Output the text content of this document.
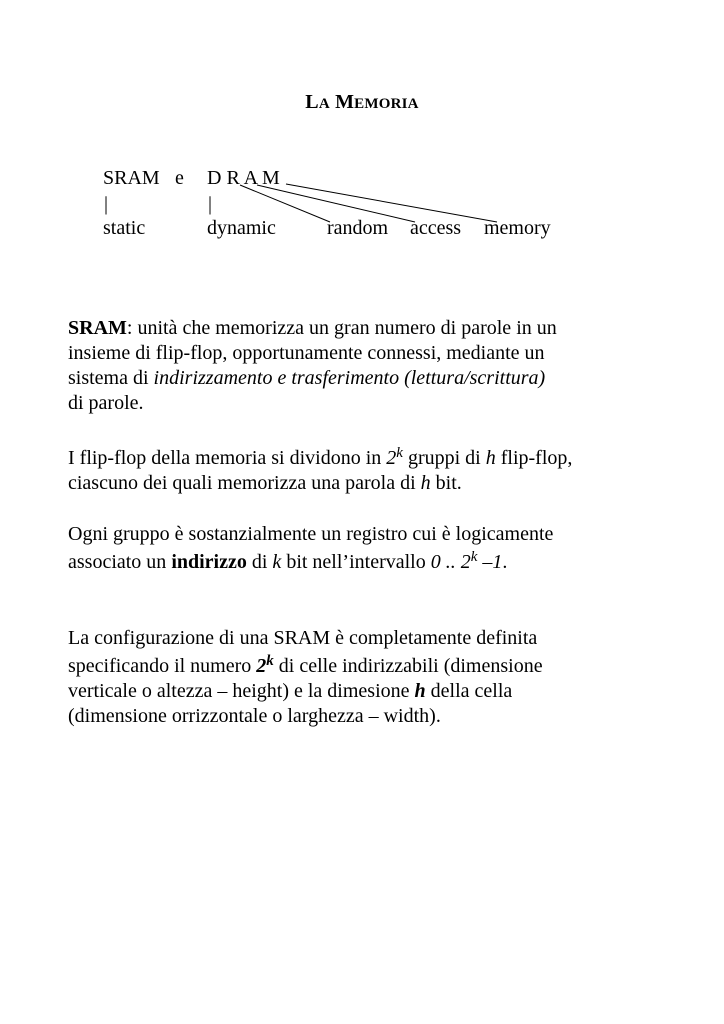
LA MEMORIA
SRAM e D R A M
|	|
static	dynamic	random access memory
SRAM: unità che memorizza un gran numero di parole in un
insieme di flip-flop, opportunamente connessi, mediante un
sistema di indirizzamento e trasferimento (lettura/scrittura)
di parole.
I flip-flop della memoria si dividono in 2$^k$ gruppi di h flip-flop,
ciascuno dei quali memorizza una parola di h bit.
Ogni gruppo è sostanzialmente un registro cui è logicamente
associato un indirizzo di k bit nell’intervallo 0 .. 2$^k$ –1.
La configurazione di una SRAM è completamente definita
specificando il numero 2$^k$ di celle indirizzabili (dimensione
verticale o altezza – height) e la dimesione h della cella
(dimensione orrizzontale o larghezza – width).
